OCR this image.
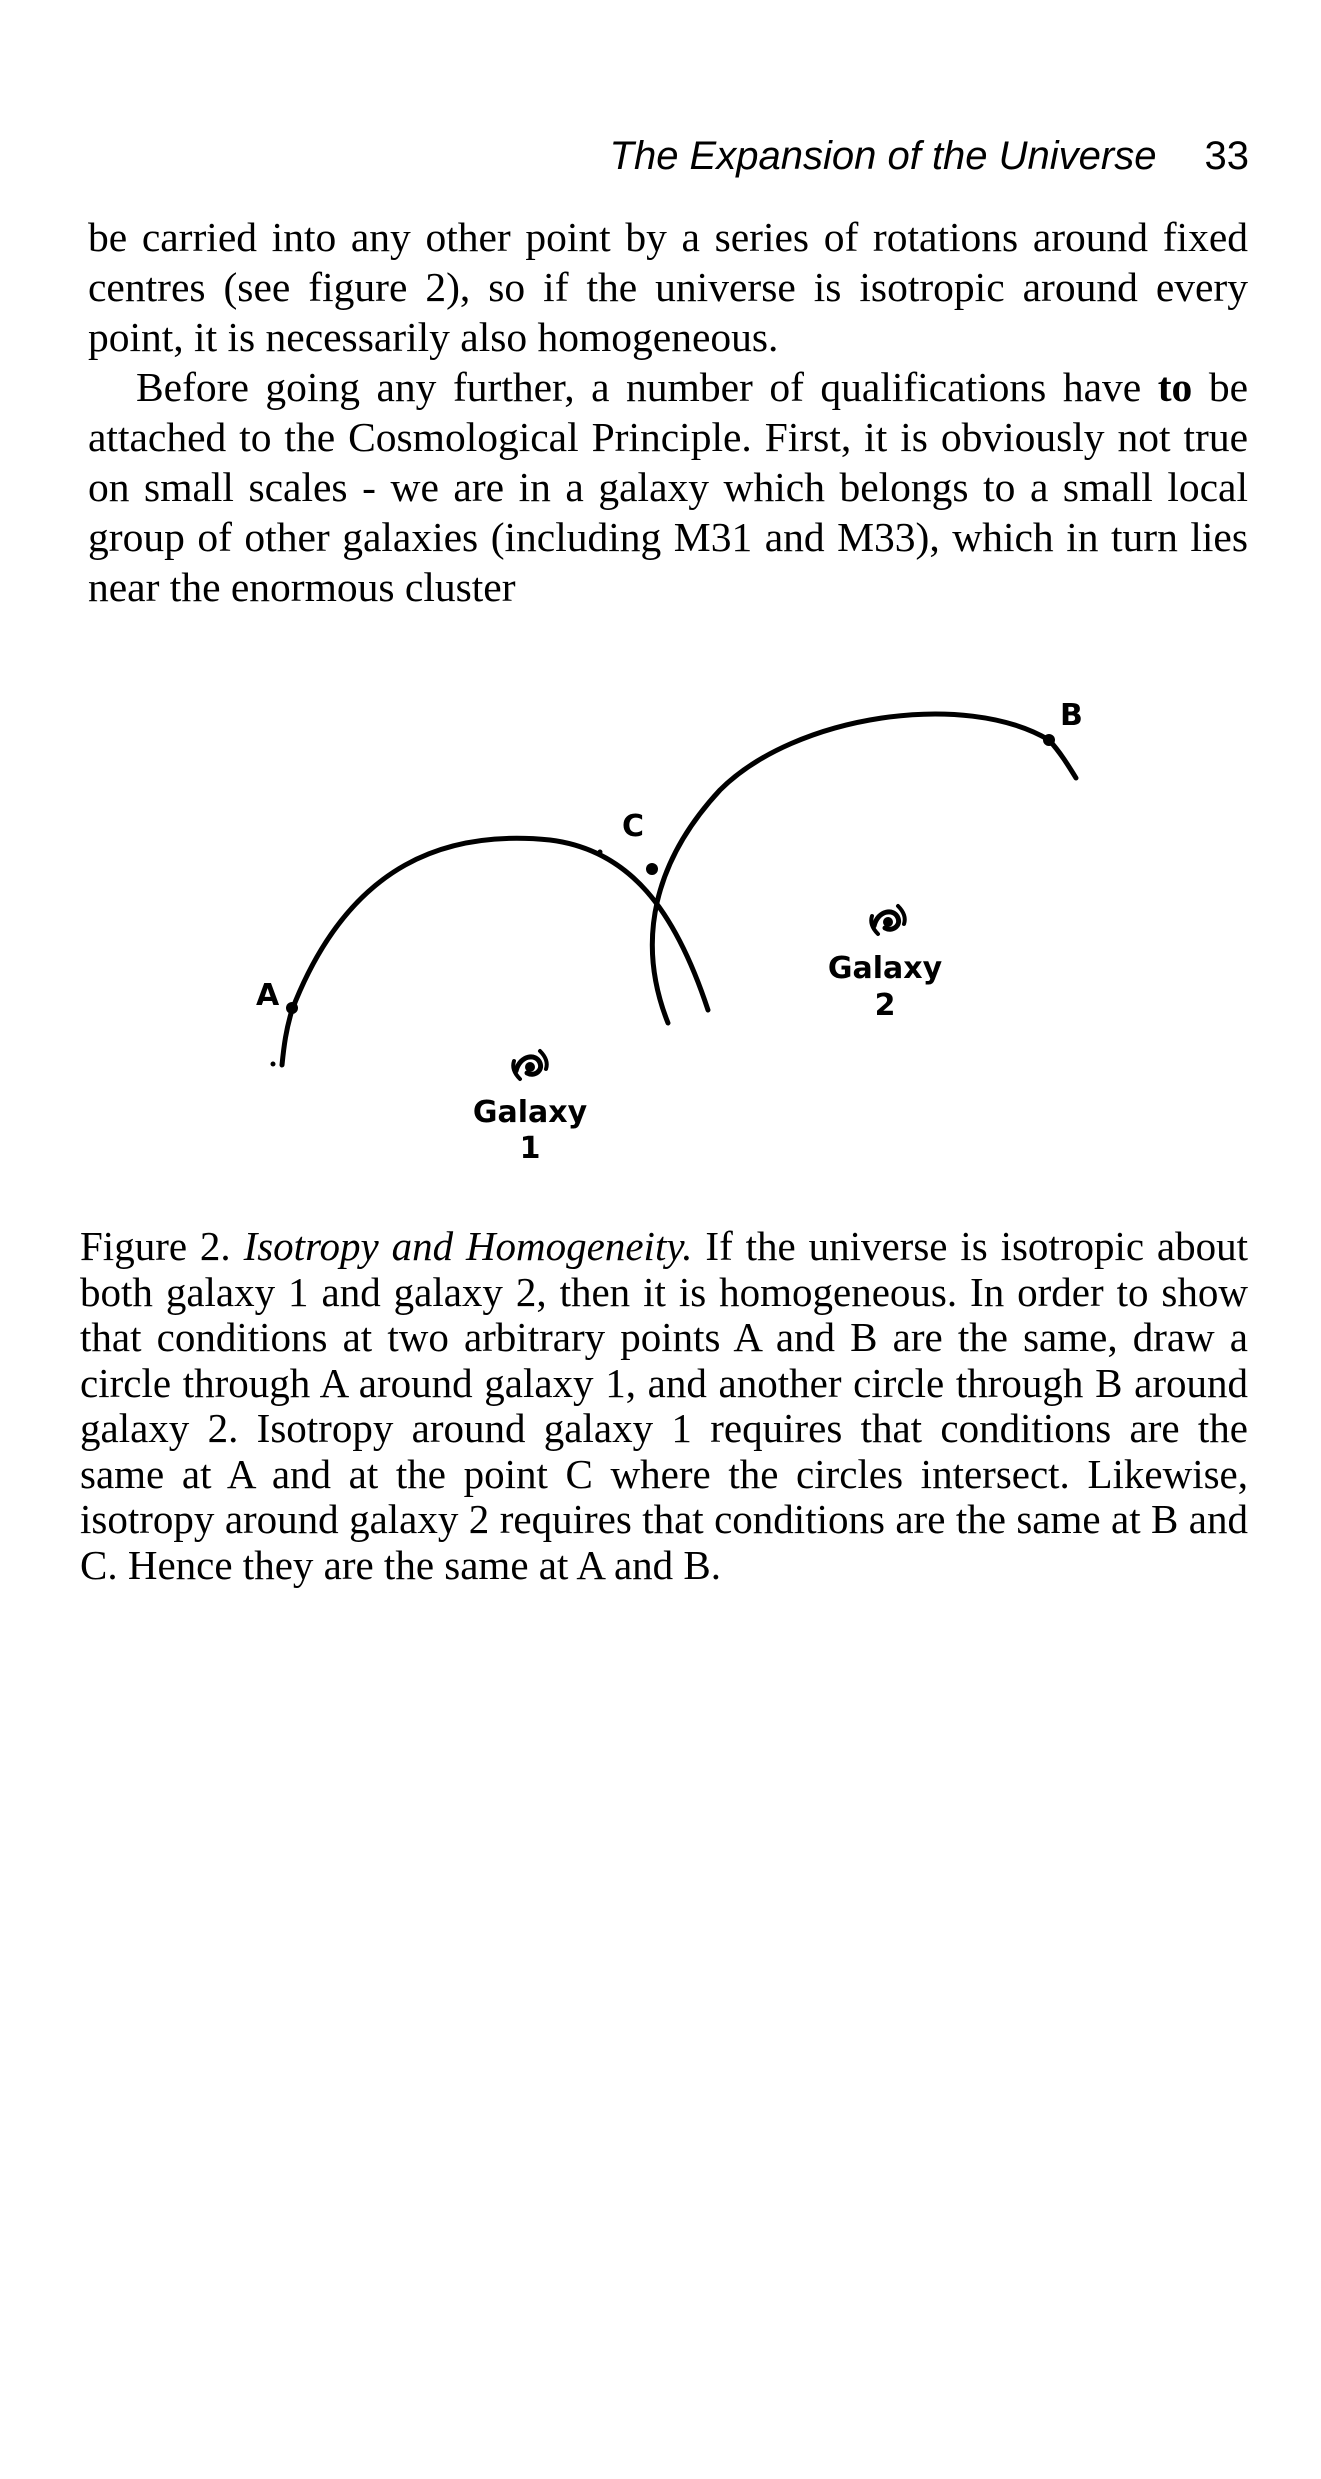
The Expansion of the Universe 33

be carried into any other point by a series of rotations around fixed centres (see figure 2), so if the universe is isotropic around every point, it is necessarily also homogeneous.

Before going any further, a number of qualifications have to be attached to the Cosmological Principle. First, it is obviously not true on small scales - we are in a galaxy which belongs to a small local group of other galaxies (including M31 and M33), which in turn lies near the enormous cluster

A
B
C
Galaxy
1
Galaxy
2
Figure 2. Isotropy and Homogeneity. If the universe is isotropic about both galaxy 1 and galaxy 2, then it is homogeneous. In order to show that conditions at two arbitrary points A and B are the same, draw a circle through A around galaxy 1, and another circle through B around galaxy 2. Isotropy around galaxy 1 requires that conditions are the same at A and at the point C where the circles intersect. Likewise, isotropy around galaxy 2 requires that conditions are the same at B and C. Hence they are the same at A and B.
